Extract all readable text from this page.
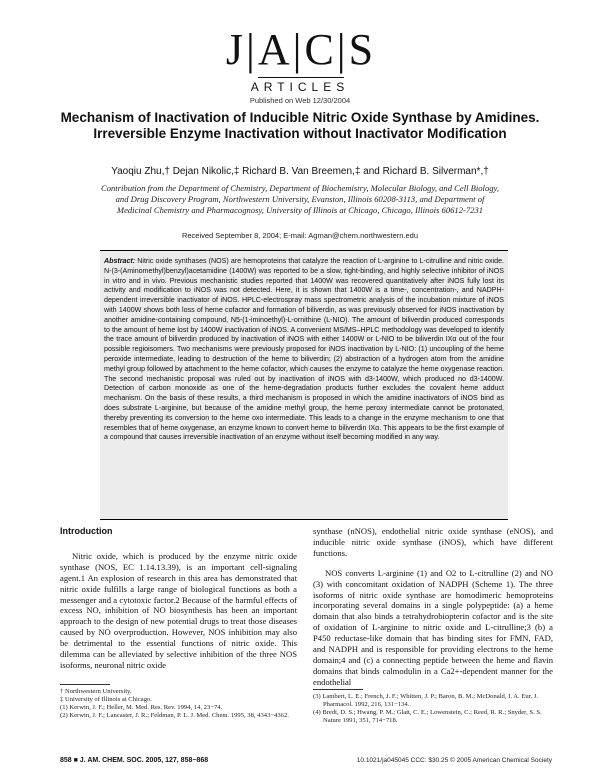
J|A|C|S
ARTICLES
Published on Web 12/30/2004
Mechanism of Inactivation of Inducible Nitric Oxide Synthase by Amidines. Irreversible Enzyme Inactivation without Inactivator Modification
Yaoqiu Zhu,† Dejan Nikolic,‡ Richard B. Van Breemen,‡ and Richard B. Silverman*,†
Contribution from the Department of Chemistry, Department of Biochemistry, Molecular Biology, and Cell Biology, and Drug Discovery Program, Northwestern University, Evanston, Illinois 60208-3113, and Department of Medicinal Chemistry and Pharmacognosy, University of Illinois at Chicago, Chicago, Illinois 60612-7231
Received September 8, 2004; E-mail: Agman@chem.northwestern.edu
Abstract: Nitric oxide synthases (NOS) are hemoproteins that catalyze the reaction of L-arginine to L-citrulline and nitric oxide. N-(3-(Aminomethyl)benzyl)acetamidine (1400W) was reported to be a slow, tight-binding, and highly selective inhibitor of iNOS in vitro and in vivo. Previous mechanistic studies reported that 1400W was recovered quantitatively after iNOS fully lost its activity and modification to iNOS was not detected. Here, it is shown that 1400W is a time-, concentration-, and NADPH-dependent irreversible inactivator of iNOS. HPLC-electrospray mass spectrometric analysis of the incubation mixture of iNOS with 1400W shows both loss of heme cofactor and formation of biliverdin, as was previously observed for iNOS inactivation by another amidine-containing compound, N5-(1-iminoethyl)-L-ornithine (L-NIO). The amount of biliverdin produced corresponds to the amount of heme lost by 1400W inactivation of iNOS. A convenient MS/MS–HPLC methodology was developed to identify the trace amount of biliverdin produced by inactivation of iNOS with either 1400W or L-NIO to be biliverdin IXα out of the four possible regioisomers. Two mechanisms were previously proposed for iNOS inactivation by L-NIO: (1) uncoupling of the heme peroxide intermediate, leading to destruction of the heme to biliverdin; (2) abstraction of a hydrogen atom from the amidine methyl group followed by attachment to the heme cofactor, which causes the enzyme to catalyze the heme oxygenase reaction. The second mechanistic proposal was ruled out by inactivation of iNOS with d3-1400W, which produced no d3-1400W. Detection of carbon monoxide as one of the heme-degradation products further excludes the covalent heme adduct mechanism. On the basis of these results, a third mechanism is proposed in which the amidine inactivators of iNOS bind as does substrate L-arginine, but because of the amidine methyl group, the heme peroxy intermediate cannot be protonated, thereby preventing its conversion to the heme oxo intermediate. This leads to a change in the enzyme mechanism to one that resembles that of heme oxygenase, an enzyme known to convert heme to biliverdin IXα. This appears to be the first example of a compound that causes irreversible inactivation of an enzyme without itself becoming modified in any way.
Introduction

Nitric oxide, which is produced by the enzyme nitric oxide synthase (NOS, EC 1.14.13.39), is an important cell-signaling agent.1 An explosion of research in this area has demonstrated that nitric oxide fulfills a large range of biological functions as both a messenger and a cytotoxic factor.2 Because of the harmful effects of excess NO, inhibition of NO biosynthesis has been an important approach to the design of new potential drugs to treat those diseases caused by NO overproduction. However, NOS inhibition may also be detrimental to the essential functions of nitric oxide. This dilemma can be alleviated by selective inhibition of the three NOS isoforms, neuronal nitric oxide

synthase (nNOS), endothelial nitric oxide synthase (eNOS), and inducible nitric oxide synthase (iNOS), which have different functions.

NOS converts L-arginine (1) and O2 to L-citrulline (2) and NO (3) with concomitant oxidation of NADPH (Scheme 1). The three isoforms of nitric oxide synthase are homodimeric hemoproteins incorporating several domains in a single polypeptide: (a) a heme domain that also binds a tetrahydrobiopterin cofactor and is the site of oxidation of L-arginine to nitric oxide and L-citrulline;3 (b) a P450 reductase-like domain that has binding sites for FMN, FAD, and NADPH and is responsible for providing electrons to the heme domain;4 and (c) a connecting peptide between the heme and flavin domains that binds calmodulin in a Ca2+-dependent manner for the endothelial

† Northwestern University.
‡ University of Illinois at Chicago.
(1) Kerwin, J. F.; Heller, M. Med. Res. Rev. 1994, 14, 23−74.
(2) Kerwin, J. F.; Lancaster, J. R.; Feldman, P. L. J. Med. Chem. 1995, 38, 4343−4362.
(3) Lambert, L. E.; French, J. F.; Whitten, J. P.; Baron, B. M.; McDonald, I. A. Eur. J. Pharmacol. 1992, 216, 131−134.
(4) Bredt, D. S.; Hwang, P. M.; Glatt, C. E.; Lowenstein, C.; Reed, R. R.; Snyder, S. S. Nature 1991, 351, 714−718.
858 ■ J. AM. CHEM. SOC. 2005, 127, 858−868	10.1021/ja045045 CCC: $30.25 © 2005 American Chemical Society
